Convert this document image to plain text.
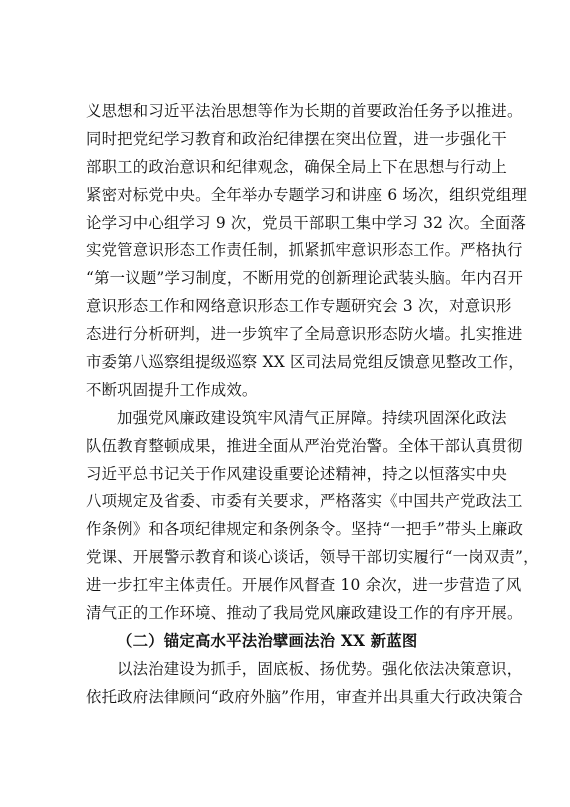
义思想和习近平法治思想等作为长期的首要政治任务予以推进。
同时把党纪学习教育和政治纪律摆在突出位置，进一步强化干
部职工的政治意识和纪律观念，确保全局上下在思想与行动上
紧密对标党中央。全年举办专题学习和讲座 6 场次，组织党组理
论学习中心组学习 9 次，党员干部职工集中学习 32 次。全面落
实党管意识形态工作责任制，抓紧抓牢意识形态工作。严格执行
“第一议题”学习制度，不断用党的创新理论武装头脑。年内召开
意识形态工作和网络意识形态工作专题研究会 3 次，对意识形
态进行分析研判，进一步筑牢了全局意识形态防火墙。扎实推进
市委第八巡察组提级巡察 XX 区司法局党组反馈意见整改工作，
不断巩固提升工作成效。

加强党风廉政建设筑牢风清气正屏障。持续巩固深化政法
队伍教育整顿成果，推进全面从严治党治警。全体干部认真贯彻
习近平总书记关于作风建设重要论述精神，持之以恒落实中央
八项规定及省委、市委有关要求，严格落实《中国共产党政法工
作条例》和各项纪律规定和条例条令。坚持“一把手”带头上廉政
党课、开展警示教育和谈心谈话，领导干部切实履行“一岗双责”，
进一步扛牢主体责任。开展作风督查 10 余次，进一步营造了风
清气正的工作环境、推动了我局党风廉政建设工作的有序开展。

（二）锚定高水平法治擘画法治 XX 新蓝图

以法治建设为抓手，固底板、扬优势。强化依法决策意识，
依托政府法律顾问“政府外脑”作用，审查并出具重大行政决策合
